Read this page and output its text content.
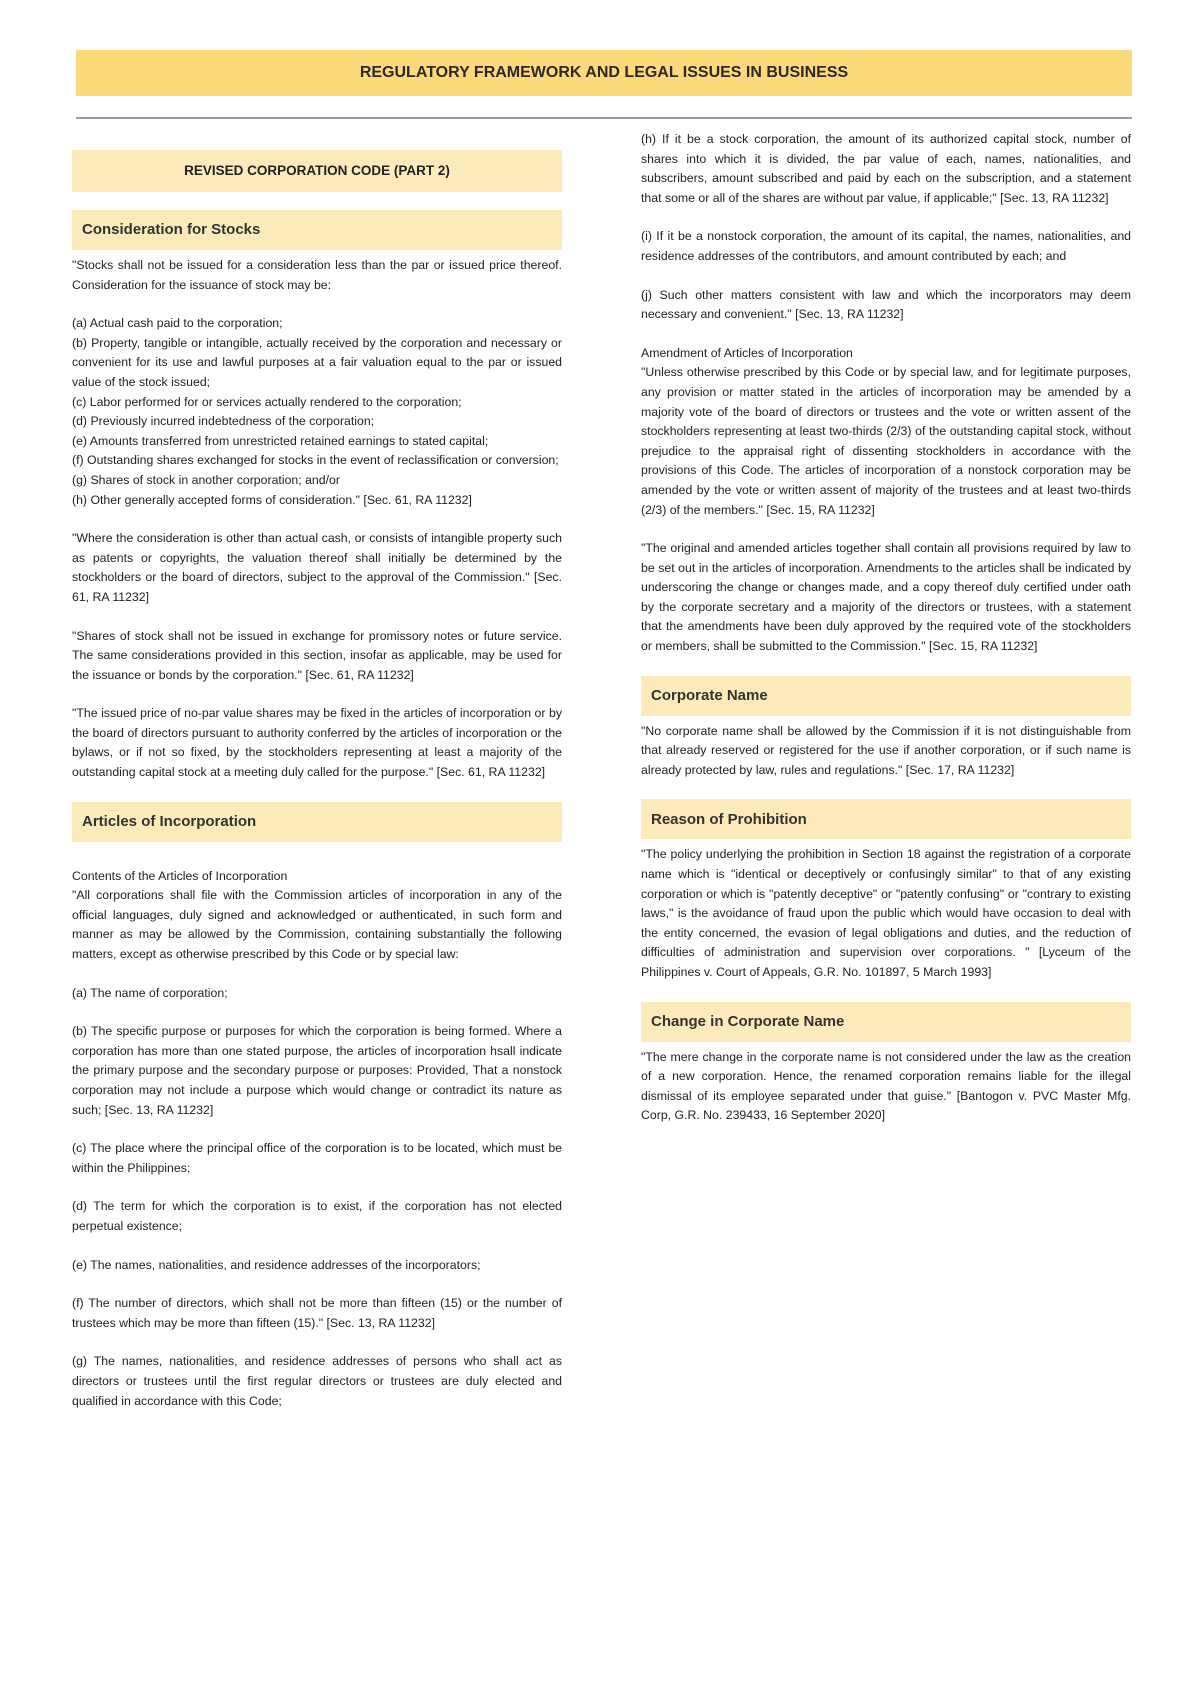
REGULATORY FRAMEWORK AND LEGAL ISSUES IN BUSINESS
REVISED CORPORATION CODE (PART 2)
Consideration for Stocks

"Stocks shall not be issued for a consideration less than the par or issued price thereof. Consideration for the issuance of stock may be:

(a) Actual cash paid to the corporation;

(b) Property, tangible or intangible, actually received by the corporation and necessary or convenient for its use and lawful purposes at a fair valuation equal to the par or issued value of the stock issued;

(c) Labor performed for or services actually rendered to the corporation;

(d) Previously incurred indebtedness of the corporation;

(e) Amounts transferred from unrestricted retained earnings to stated capital;

(f) Outstanding shares exchanged for stocks in the event of reclassification or conversion;

(g) Shares of stock in another corporation; and/or

(h) Other generally accepted forms of consideration." [Sec. 61, RA 11232]

"Where the consideration is other than actual cash, or consists of intangible property such as patents or copyrights, the valuation thereof shall initially be determined by the stockholders or the board of directors, subject to the approval of the Commission." [Sec. 61, RA 11232]

"Shares of stock shall not be issued in exchange for promissory notes or future service. The same considerations provided in this section, insofar as applicable, may be used for the issuance or bonds by the corporation." [Sec. 61, RA 11232]

"The issued price of no-par value shares may be fixed in the articles of incorporation or by the board of directors pursuant to authority conferred by the articles of incorporation or the bylaws, or if not so fixed, by the stockholders representing at least a majority of the outstanding capital stock at a meeting duly called for the purpose." [Sec. 61, RA 11232]

Articles of Incorporation

Contents of the Articles of Incorporation

"All corporations shall file with the Commission articles of incorporation in any of the official languages, duly signed and acknowledged or authenticated, in such form and manner as may be allowed by the Commission, containing substantially the following matters, except as otherwise prescribed by this Code or by special law:

(a) The name of corporation;

(b) The specific purpose or purposes for which the corporation is being formed. Where a corporation has more than one stated purpose, the articles of incorporation hsall indicate the primary purpose and the secondary purpose or purposes: Provided, That a nonstock corporation may not include a purpose which would change or contradict its nature as such; [Sec. 13, RA 11232]

(c) The place where the principal office of the corporation is to be located, which must be within the Philippines;

(d) The term for which the corporation is to exist, if the corporation has not elected perpetual existence;

(e) The names, nationalities, and residence addresses of the incorporators;

(f) The number of directors, which shall not be more than fifteen (15) or the number of trustees which may be more than fifteen (15)." [Sec. 13, RA 11232]

(g) The names, nationalities, and residence addresses of persons who shall act as directors or trustees until the first regular directors or trustees are duly elected and qualified in accordance with this Code;

(h) If it be a stock corporation, the amount of its authorized capital stock, number of shares into which it is divided, the par value of each, names, nationalities, and subscribers, amount subscribed and paid by each on the subscription, and a statement that some or all of the shares are without par value, if applicable;" [Sec. 13, RA 11232]

(i) If it be a nonstock corporation, the amount of its capital, the names, nationalities, and residence addresses of the contributors, and amount contributed by each; and

(j) Such other matters consistent with law and which the incorporators may deem necessary and convenient." [Sec. 13, RA 11232]

Amendment of Articles of Incorporation

"Unless otherwise prescribed by this Code or by special law, and for legitimate purposes, any provision or matter stated in the articles of incorporation may be amended by a majority vote of the board of directors or trustees and the vote or written assent of the stockholders representing at least two-thirds (2/3) of the outstanding capital stock, without prejudice to the appraisal right of dissenting stockholders in accordance with the provisions of this Code. The articles of incorporation of a nonstock corporation may be amended by the vote or written assent of majority of the trustees and at least two-thirds (2/3) of the members." [Sec. 15, RA 11232]

"The original and amended articles together shall contain all provisions required by law to be set out in the articles of incorporation. Amendments to the articles shall be indicated by underscoring the change or changes made, and a copy thereof duly certified under oath by the corporate secretary and a majority of the directors or trustees, with a statement that the amendments have been duly approved by the required vote of the stockholders or members, shall be submitted to the Commission." [Sec. 15, RA 11232]

Corporate Name

"No corporate name shall be allowed by the Commission if it is not distinguishable from that already reserved or registered for the use if another corporation, or if such name is already protected by law, rules and regulations." [Sec. 17, RA 11232]

Reason of Prohibition

"The policy underlying the prohibition in Section 18 against the registration of a corporate name which is "identical or deceptively or confusingly similar" to that of any existing corporation or which is "patently deceptive" or "patently confusing" or "contrary to existing laws," is the avoidance of fraud upon the public which would have occasion to deal with the entity concerned, the evasion of legal obligations and duties, and the reduction of difficulties of administration and supervision over corporations. " [Lyceum of the Philippines v. Court of Appeals, G.R. No. 101897, 5 March 1993]

Change in Corporate Name

"The mere change in the corporate name is not considered under the law as the creation of a new corporation. Hence, the renamed corporation remains liable for the illegal dismissal of its employee separated under that guise." [Bantogon v. PVC Master Mfg. Corp, G.R. No. 239433, 16 September 2020]
